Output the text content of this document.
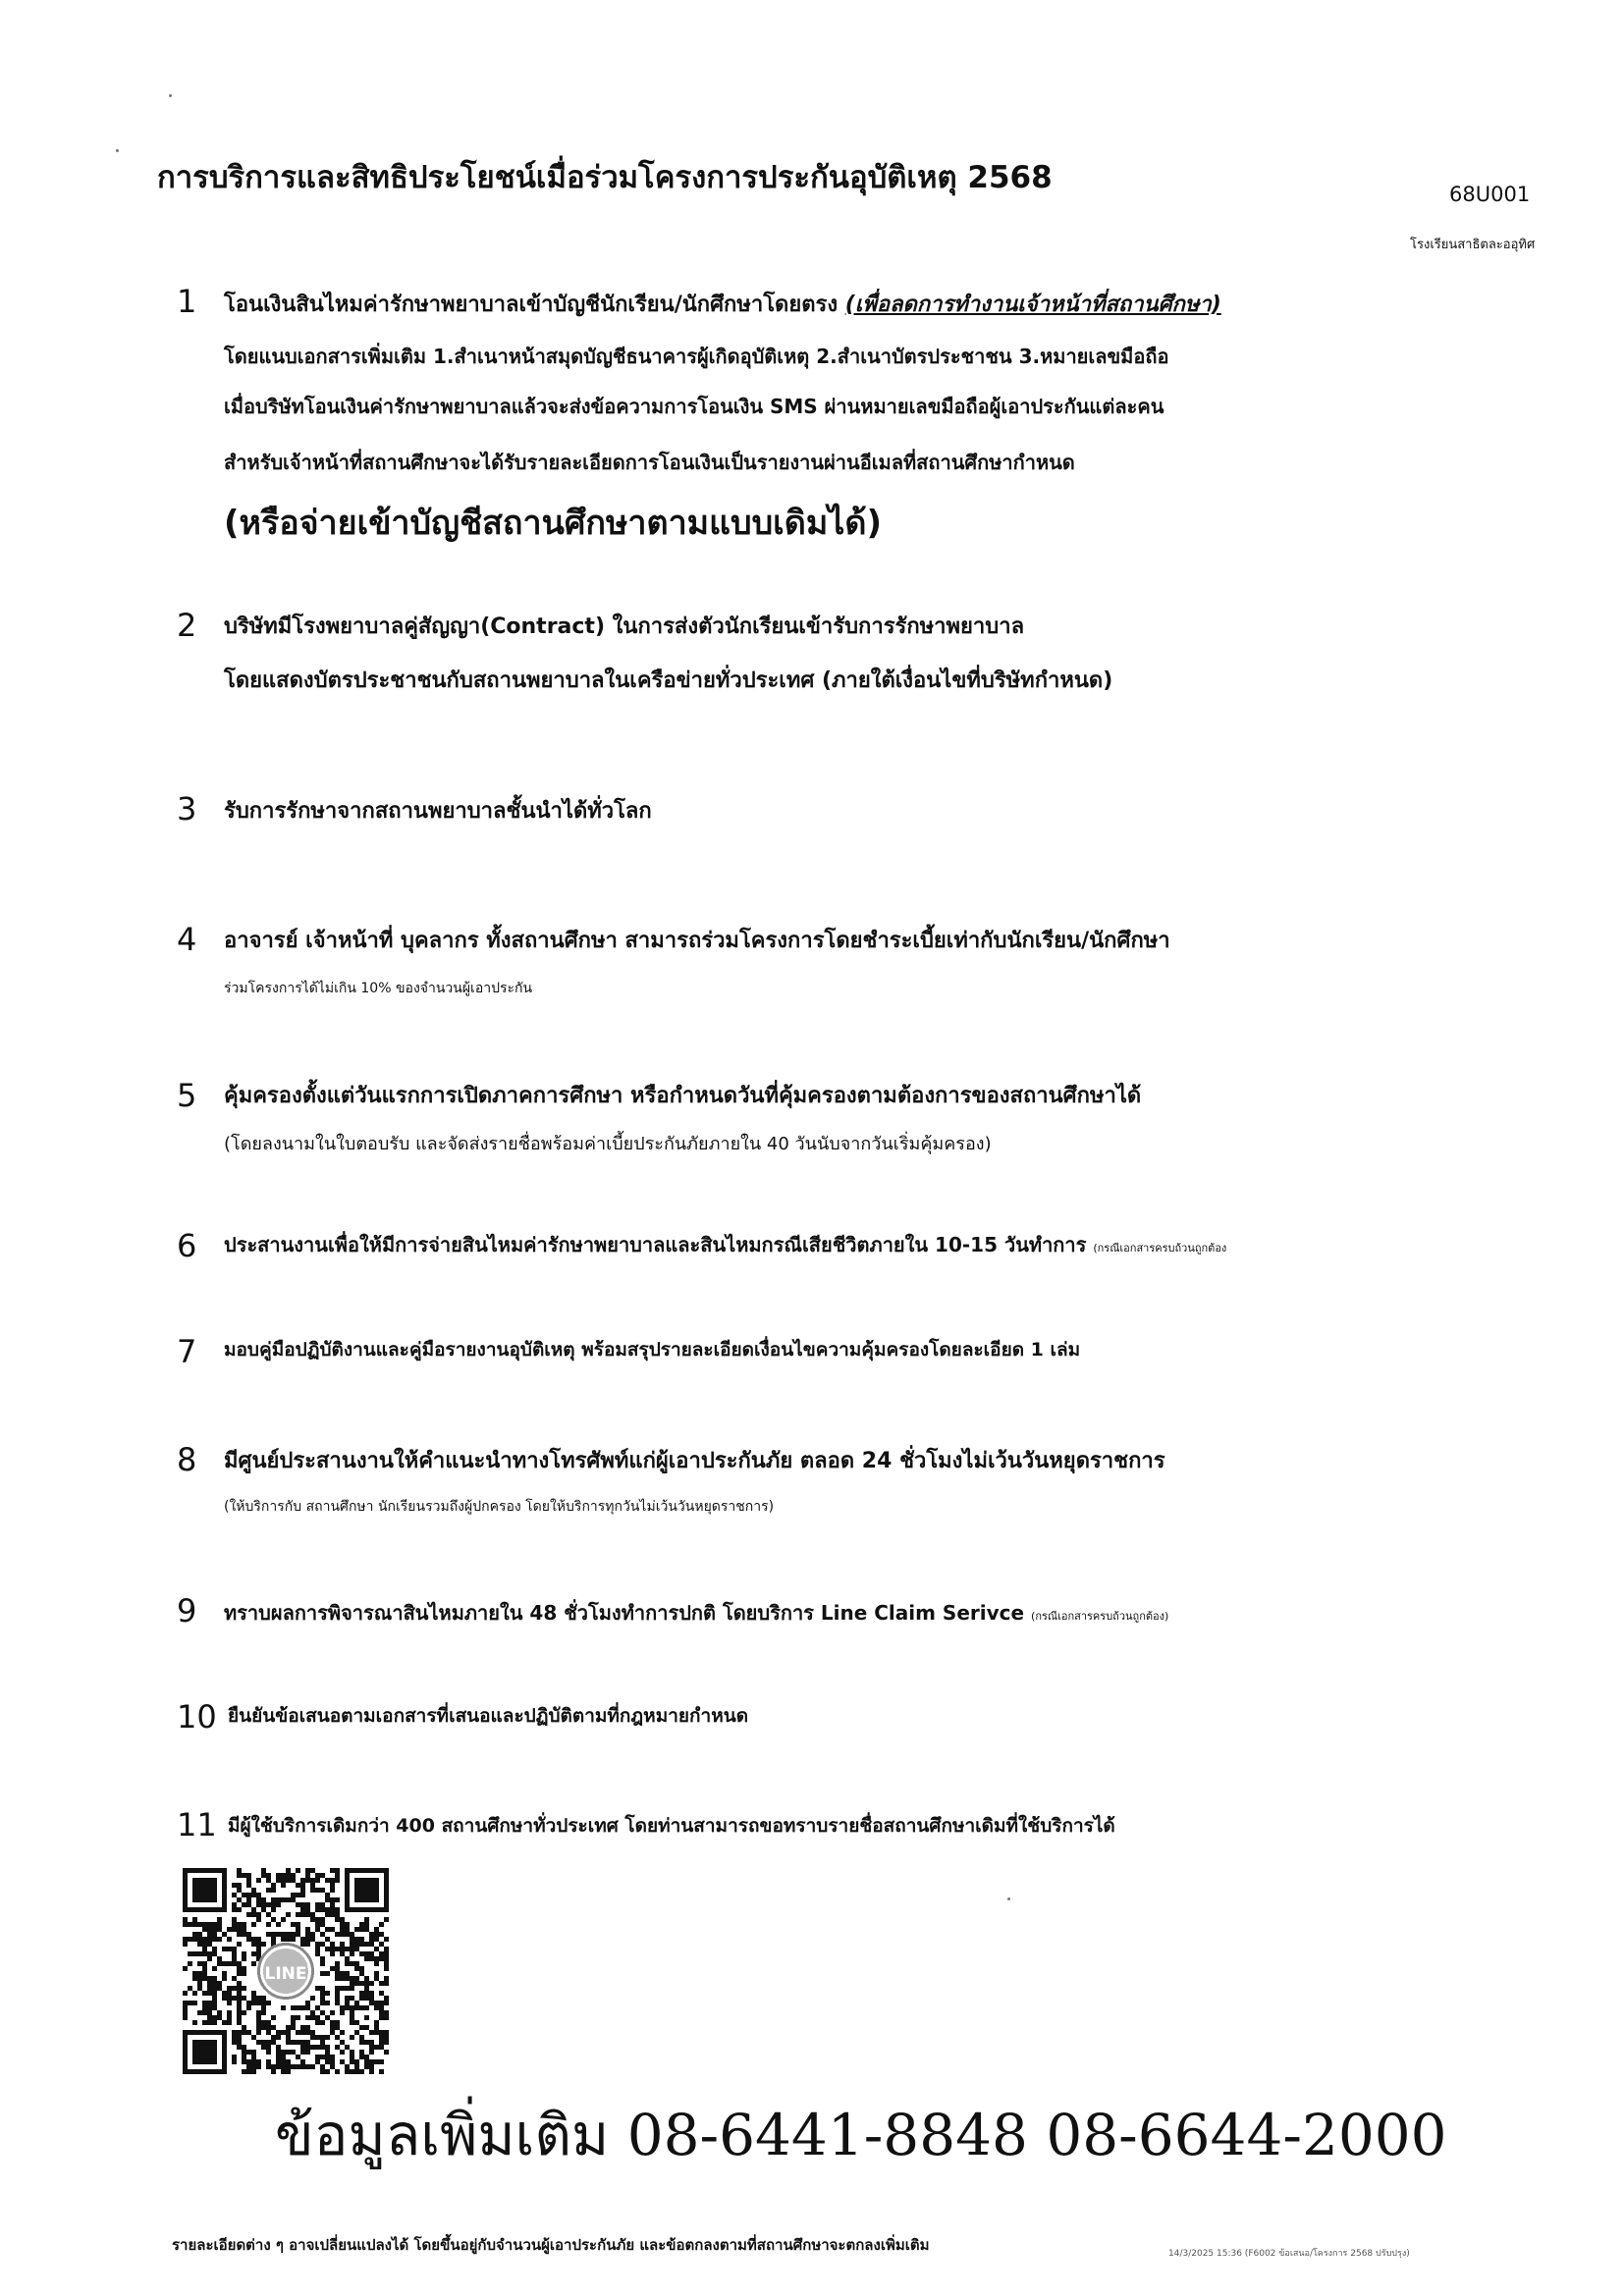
การบริการและสิทธิประโยชน์เมื่อร่วมโครงการประกันอุบัติเหตุ 2568	68U001
โรงเรียนสาธิตละออุทิศ
1 โอนเงินสินไหมค่ารักษาพยาบาลเข้าบัญชีนักเรียน/นักศึกษาโดยตรง (เพื่อลดการทำงานเจ้าหน้าที่สถานศึกษา)
โดยแนบเอกสารเพิ่มเติม 1.สำเนาหน้าสมุดบัญชีธนาคารผู้เกิดอุบัติเหตุ 2.สำเนาบัตรประชาชน 3.หมายเลขมือถือ
เมื่อบริษัทโอนเงินค่ารักษาพยาบาลแล้วจะส่งข้อความการโอนเงิน SMS ผ่านหมายเลขมือถือผู้เอาประกันแต่ละคน
สำหรับเจ้าหน้าที่สถานศึกษาจะได้รับรายละเอียดการโอนเงินเป็นรายงานผ่านอีเมลที่สถานศึกษากำหนด
(หรือจ่ายเข้าบัญชีสถานศึกษาตามแบบเดิมได้)
2 บริษัทมีโรงพยาบาลคู่สัญญา(Contract) ในการส่งตัวนักเรียนเข้ารับการรักษาพยาบาล
โดยแสดงบัตรประชาชนกับสถานพยาบาลในเครือข่ายทั่วประเทศ (ภายใต้เงื่อนไขที่บริษัทกำหนด)
3 รับการรักษาจากสถานพยาบาลชั้นนำได้ทั่วโลก
4 อาจารย์ เจ้าหน้าที่ บุคลากร ทั้งสถานศึกษา สามารถร่วมโครงการโดยชำระเบี้ยเท่ากับนักเรียน/นักศึกษา
ร่วมโครงการได้ไม่เกิน 10% ของจำนวนผู้เอาประกัน
5 คุ้มครองตั้งแต่วันแรกการเปิดภาคการศึกษา หรือกำหนดวันที่คุ้มครองตามต้องการของสถานศึกษาได้
(โดยลงนามในใบตอบรับ และจัดส่งรายชื่อพร้อมค่าเบี้ยประกันภัยภายใน 40 วันนับจากวันเริ่มคุ้มครอง)
6 ประสานงานเพื่อให้มีการจ่ายสินไหมค่ารักษาพยาบาลและสินไหมกรณีเสียชีวิตภายใน 10-15 วันทำการ (กรณีเอกสารครบถ้วนถูกต้อง
7 มอบคู่มือปฏิบัติงานและคู่มือรายงานอุบัติเหตุ พร้อมสรุปรายละเอียดเงื่อนไขความคุ้มครองโดยละเอียด 1 เล่ม
8 มีศูนย์ประสานงานให้คำแนะนำทางโทรศัพท์แก่ผู้เอาประกันภัย ตลอด 24 ชั่วโมงไม่เว้นวันหยุดราชการ
(ให้บริการกับ สถานศึกษา นักเรียนรวมถึงผู้ปกครอง โดยให้บริการทุกวันไม่เว้นวันหยุดราชการ)
9 ทราบผลการพิจารณาสินไหมภายใน 48 ชั่วโมงทำการปกติ โดยบริการ Line Claim Serivce (กรณีเอกสารครบถ้วนถูกต้อง)
10 ยืนยันข้อเสนอตามเอกสารที่เสนอและปฏิบัติตามที่กฎหมายกำหนด
11 มีผู้ใช้บริการเดิมกว่า 400 สถานศึกษาทั่วประเทศ โดยท่านสามารถขอทราบรายชื่อสถานศึกษาเดิมที่ใช้บริการได้
LINE
ข้อมูลเพิ่มเติม 08-6441-8848 08-6644-2000
รายละเอียดต่าง ๆ อาจเปลี่ยนแปลงได้ โดยขึ้นอยู่กับจำนวนผู้เอาประกันภัย และข้อตกลงตามที่สถานศึกษาจะตกลงเพิ่มเติม	14/3/2025 15:36 (F6002 ข้อเสนอ/โครงการ 2568 ปรับปรุง)
